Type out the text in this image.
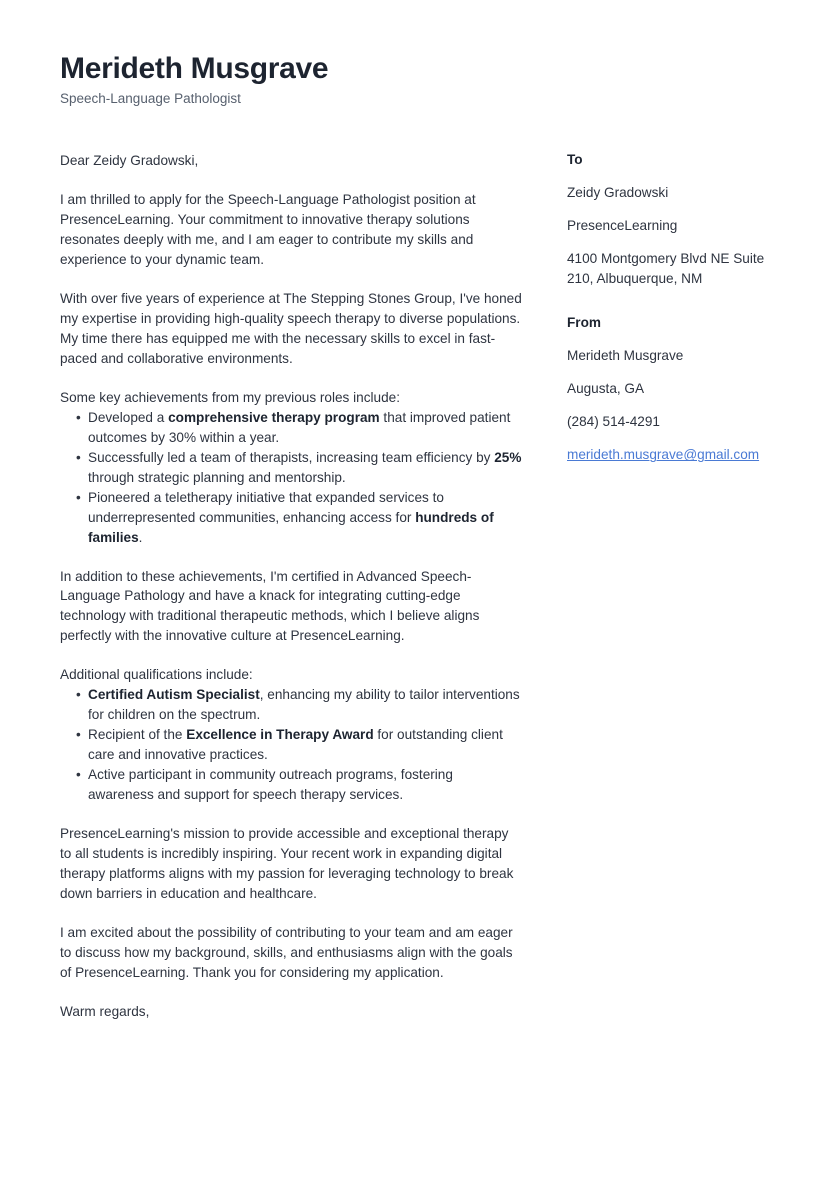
Merideth Musgrave
Speech-Language Pathologist

Dear Zeidy Gradowski,

I am thrilled to apply for the Speech-Language Pathologist position at PresenceLearning. Your commitment to innovative therapy solutions resonates deeply with me, and I am eager to contribute my skills and experience to your dynamic team.

With over five years of experience at The Stepping Stones Group, I've honed my expertise in providing high-quality speech therapy to diverse populations. My time there has equipped me with the necessary skills to excel in fast-paced and collaborative environments.

Some key achievements from my previous roles include:

• Developed a comprehensive therapy program that improved patient outcomes by 30% within a year.
• Successfully led a team of therapists, increasing team efficiency by 25% through strategic planning and mentorship.
• Pioneered a teletherapy initiative that expanded services to underrepresented communities, enhancing access for hundreds of families.

In addition to these achievements, I'm certified in Advanced Speech-Language Pathology and have a knack for integrating cutting-edge technology with traditional therapeutic methods, which I believe aligns perfectly with the innovative culture at PresenceLearning.

Additional qualifications include:

• Certified Autism Specialist, enhancing my ability to tailor interventions for children on the spectrum.
• Recipient of the Excellence in Therapy Award for outstanding client care and innovative practices.
• Active participant in community outreach programs, fostering awareness and support for speech therapy services.

PresenceLearning's mission to provide accessible and exceptional therapy to all students is incredibly inspiring. Your recent work in expanding digital therapy platforms aligns with my passion for leveraging technology to break down barriers in education and healthcare.

I am excited about the possibility of contributing to your team and am eager to discuss how my background, skills, and enthusiasms align with the goals of PresenceLearning. Thank you for considering my application.

Warm regards,

To
Zeidy Gradowski
PresenceLearning
4100 Montgomery Blvd NE Suite 210, Albuquerque, NM
From
Merideth Musgrave
Augusta, GA
(284) 514-4291
merideth.musgrave@gmail.com
